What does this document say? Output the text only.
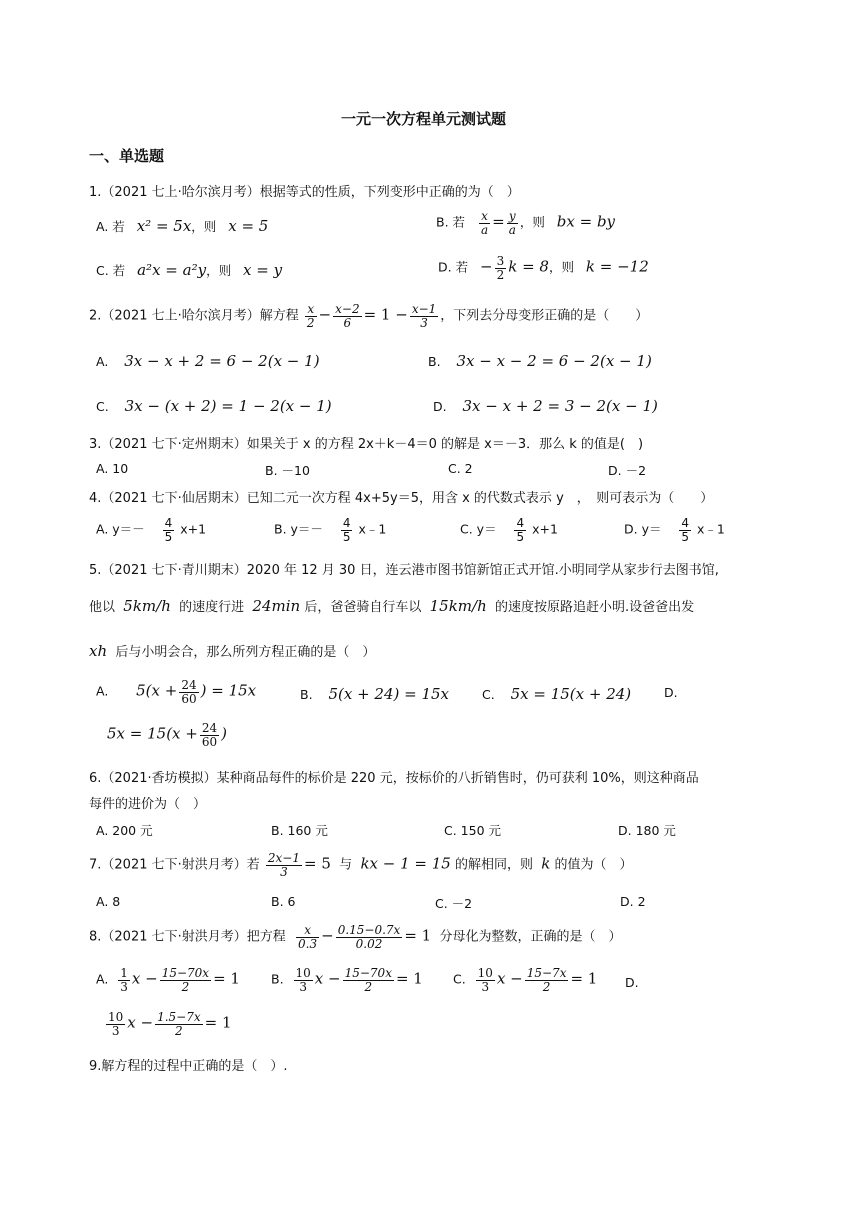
一元一次方程单元测试题
一、单选题
1.（2021 七上·哈尔滨月考）根据等式的性质，下列变形中正确的为（　）
A. 若 x² = 5x，则 x = 5	B. 若 $\frac{x}{a} = \frac{y}{a}$ ，则 bx = by
C. 若 a²x = a²y，则 x = y	D. 若 − $\frac{3}{2}$ k = 8，则 k = −12
2.（2021 七上·哈尔滨月考）解方程 $\frac{x}{2} - \frac{x-2}{6} = 1 - \frac{x-1}{3}$ ，下列去分母变形正确的是（　　）
A. 3x − x + 2 = 6 − 2(x − 1)	B. 3x − x − 2 = 6 − 2(x − 1)
C. 3x − (x + 2) = 1 − 2(x − 1)	D. 3x − x + 2 = 3 − 2(x − 1)
3.（2021 七下·定州期末）如果关于 x 的方程 2x＋k－4＝0 的解是 x＝－3．那么 k 的值是(　)
A. 10	B. －10	C. 2	D. －2
4.（2021 七下·仙居期末）已知二元一次方程 4x+5y＝5，用含 x 的代数式表示 y　，　则可表示为（　　）
A. $y=- \frac{4}{5} x+1$	B. $y=- \frac{4}{5}$ x﹣1	C. $y= \frac{4}{5} x+1$	D. $y= \frac{4}{5}$ x﹣1
5.（2021 七下·青川期末）2020 年 12 月 30 日，连云港市图书馆新馆正式开馆.小明同学从家步行去图书馆,
他以 5km/h 的速度行进 24min 后，爸爸骑自行车以 15km/h 的速度按原路追赶小明.设爸爸出发
xh 后与小明会合，那么所列方程正确的是（　）
A. $5(x + \frac{24}{60}$ ) = 15x	B. 5(x + 24) = 15x	C. 5x = 15(x + 24)	D.
$5x = 15(x + \frac{24}{60}$ )
6.（2021·香坊模拟）某种商品每件的标价是 220 元，按标价的八折销售时，仍可获利 10%，则这种商品
每件的进价为（　）
A. 200 元	B. 160 元	C. 150 元	D. 180 元
7.（2021 七下·射洪月考）若 $\frac{2x-1}{3} = 5$ 与 kx − 1 = 15 的解相同，则 k 的值为（　）
A. 8	B. 6	C. －2	D. 2
8.（2021 七下·射洪月考）把方程 $\frac{x}{0.3} - \frac{0.15-0.7x}{0.02} = 1$ 分母化为整数，正确的是（　）
A. $\frac{1}{3}$ $x - \frac{15-70x}{2} = 1$ B. $\frac{10}{3}$ $x - \frac{15-70x}{2} = 1$ C. $\frac{10}{3}$ $x - \frac{15-7x}{2} = 1$ D.
$\frac{10}{3}$ $x - \frac{1.5-7x}{2} = 1$
9.解方程的过程中正确的是（　）.
